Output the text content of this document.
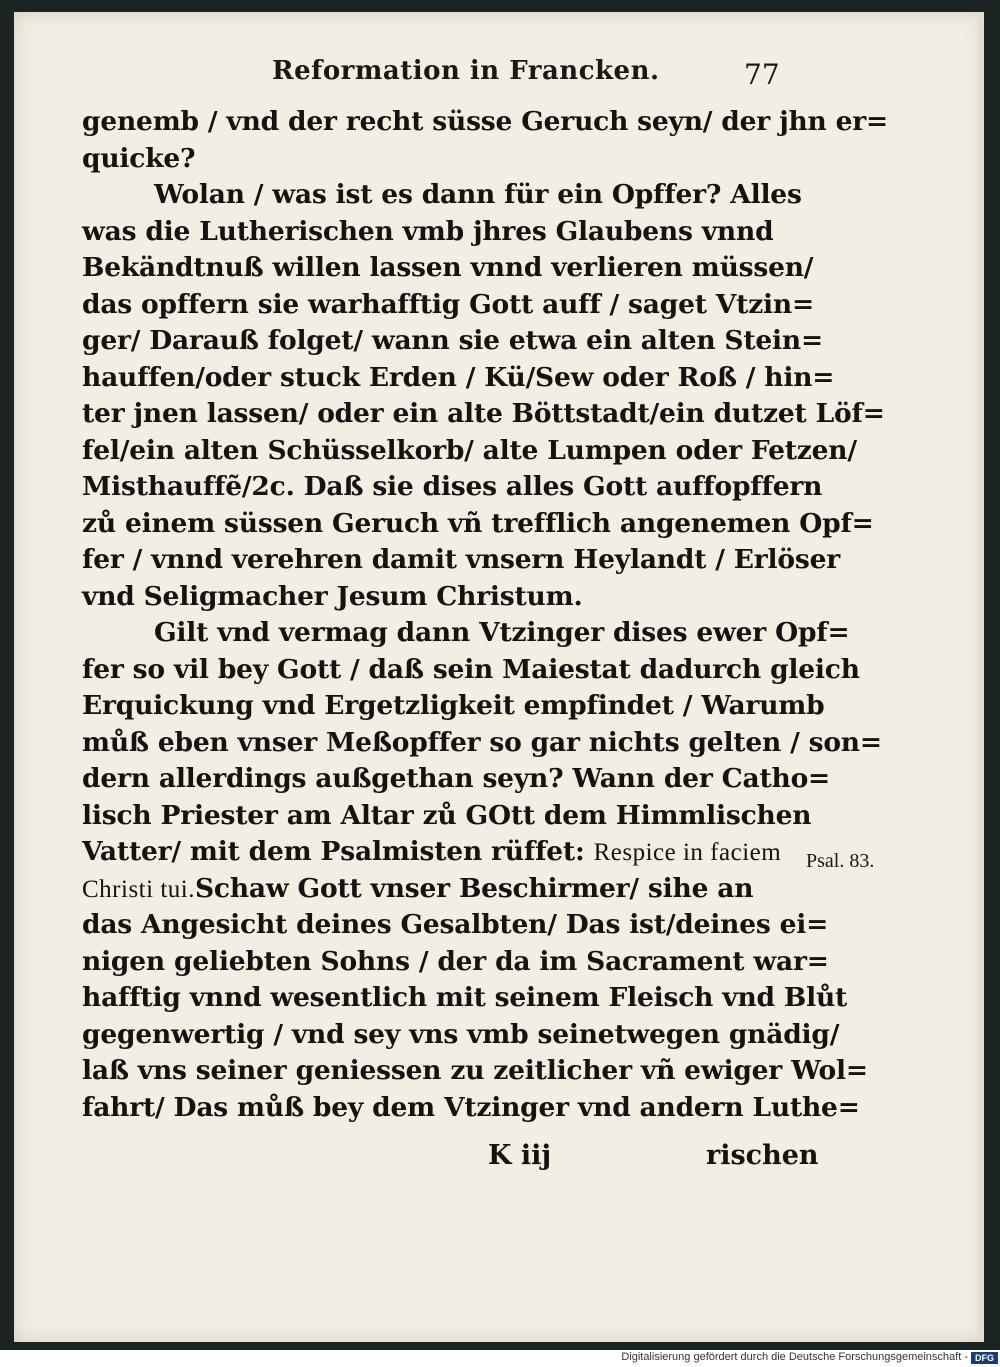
Reformation in Francken.	77
genemb / vnd der recht süsse Geruch seyn/ der jhn er=
quicke?
Wolan / was ist es dann für ein Opffer? Alles
was die Lutherischen vmb jhres Glaubens vnnd
Bekändtnuß willen lassen vnnd verlieren müssen/
das opffern sie warhafftig Gott auff / saget Vtzin=
ger/ Darauß folget/ wann sie etwa ein alten Stein=
hauffen/oder stuck Erden / Kü/Sew oder Roß / hin=
ter jnen lassen/ oder ein alte Böttstadt/ein dutzet Löf=
fel/ein alten Schüsselkorb/ alte Lumpen oder Fetzen/
Misthauffẽ/2c. Daß sie dises alles Gott auffopffern
zů einem süssen Geruch vñ trefflich angenemen Opf=
fer / vnnd verehren damit vnsern Heylandt / Erlöser
vnd Seligmacher Jesum Christum.
Gilt vnd vermag dann Vtzinger dises ewer Opf=
fer so vil bey Gott / daß sein Maiestat dadurch gleich
Erquickung vnd Ergetzligkeit empfindet / Warumb
můß eben vnser Meßopffer so gar nichts gelten / son=
dern allerdings außgethan seyn? Wann der Catho=
lisch Priester am Altar zů GOtt dem Himmlischen
Vatter/ mit dem Psalmisten rüffet: Respice in faciem
Christi tui.Schaw Gott vnser Beschirmer/ sihe an
das Angesicht deines Gesalbten/ Das ist/deines ei=
nigen geliebten Sohns / der da im Sacrament war=
hafftig vnnd wesentlich mit seinem Fleisch vnd Blůt
gegenwertig / vnd sey vns vmb seinetwegen gnädig/
laß vns seiner geniessen zu zeitlicher vñ ewiger Wol=
fahrt/ Das můß bey dem Vtzinger vnd andern Luthe=
Psal. 83.
K iij	rischen
Digitalisierung gefördert durch die Deutsche Forschungsgemeinschaft - DFG
